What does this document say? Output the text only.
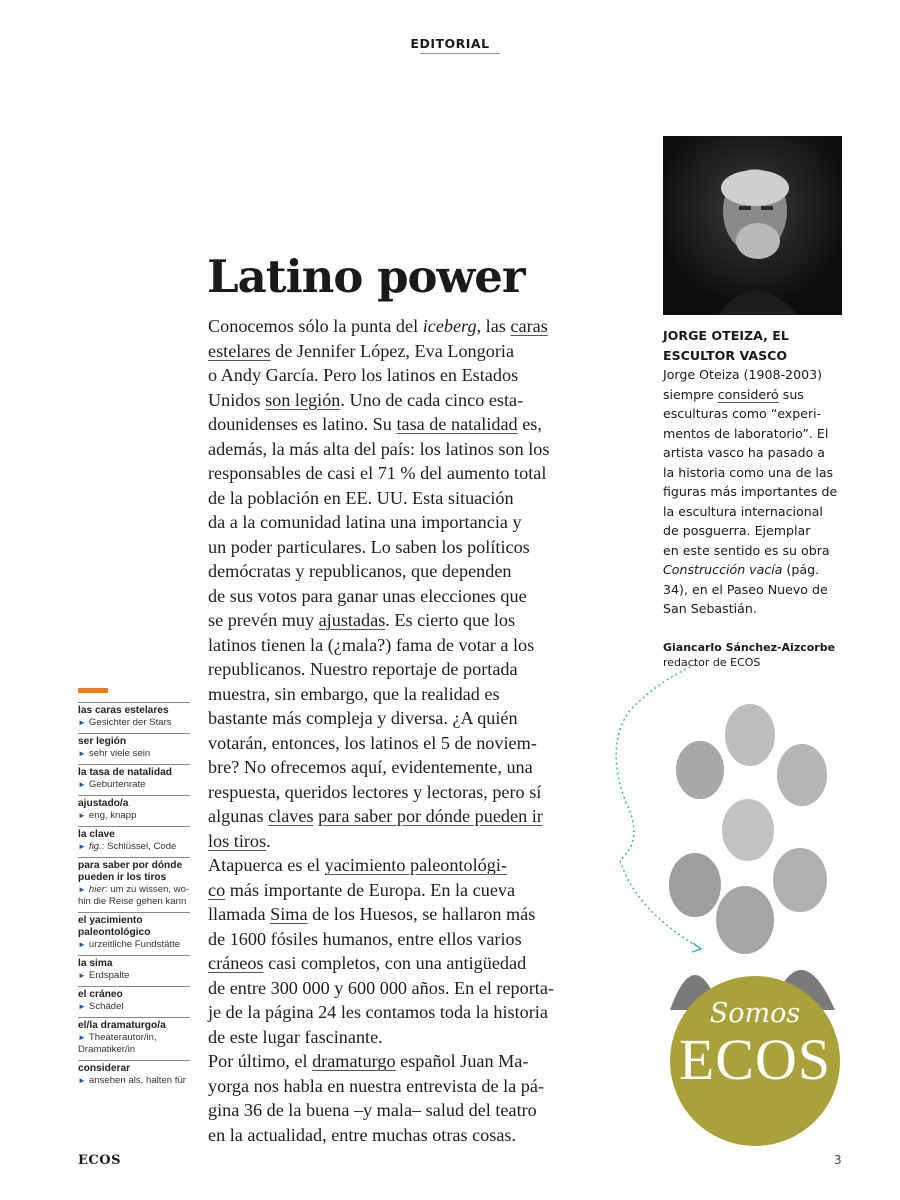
EDITORIAL
Latino power
Conocemos sólo la punta del iceberg, las caras
estelares de Jennifer López, Eva Longoria
o Andy García. Pero los latinos en Estados
Unidos son legión. Uno de cada cinco esta-
dounidenses es latino. Su tasa de natalidad es,
además, la más alta del país: los latinos son los
responsables de casi el 71 % del aumento total
de la población en EE. UU. Esta situación
da a la comunidad latina una importancia y
un poder particulares. Lo saben los políticos
demócratas y republicanos, que dependen
de sus votos para ganar unas elecciones que
se prevén muy ajustadas. Es cierto que los
latinos tienen la (¿mala?) fama de votar a los
republicanos. Nuestro reportaje de portada
muestra, sin embargo, que la realidad es
bastante más compleja y diversa. ¿A quién
votarán, entonces, los latinos el 5 de noviem-
bre? No ofrecemos aquí, evidentemente, una
respuesta, queridos lectores y lectoras, pero sí
algunas claves para saber por dónde pueden ir
los tiros.
Atapuerca es el yacimiento paleontológi-
co más importante de Europa. En la cueva
llamada Sima de los Huesos, se hallaron más
de 1600 fósiles humanos, entre ellos varios
cráneos casi completos, con una antigüedad
de entre 300 000 y 600 000 años. En el reporta-
je de la página 24 les contamos toda la historia
de este lugar fascinante.
Por último, el dramaturgo español Juan Ma-
yorga nos habla en nuestra entrevista de la pá-
gina 36 de la buena –y mala– salud del teatro
en la actualidad, entre muchas otras cosas.
JORGE OTEIZA, EL
ESCULTOR VASCO
Jorge Oteiza (1908-2003)
siempre consideró sus
esculturas como “experi-
mentos de laboratorio”. El
artista vasco ha pasado a
la historia como una de las
figuras más importantes de
la escultura internacional
de posguerra. Ejemplar
en este sentido es su obra
Construcción vacía (pág.
34), en el Paseo Nuevo de
San Sebastián.
Giancarlo Sánchez-Aizcorbe
redactor de ECOS
las caras estelares
► Gesichter der Stars
ser legión
► sehr viele sein
la tasa de natalidad
► Geburtenrate
ajustado/a
► eng, knapp
la clave
► fig.: Schlüssel, Code
para saber por dónde
pueden ir los tiros
► hier: um zu wissen, wo-
hin die Reise gehen kann
el yacimiento
paleontológico
► urzeitliche Fundstätte
la sima
► Erdspalte
el cráneo
► Schädel
el/la dramaturgo/a
► Theaterautor/in,
Dramatiker/in
considerar
► ansehen als, halten für
Somos
ECOS
ECOS	3
